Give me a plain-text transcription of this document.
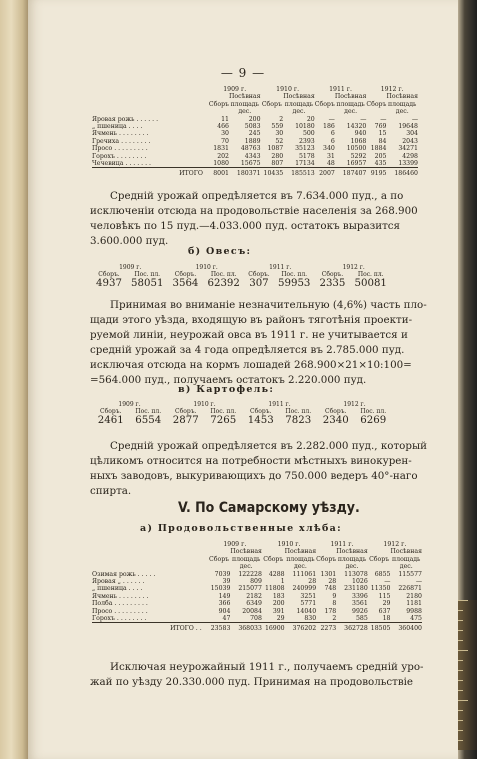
— 9 —
	1909 г.		1910 г.		1911 г.		1912 г.	
	Сборъ	Посѣвная площадь дес.	Сборъ	Посѣвная площадь дес.	Сборъ	Посѣвная площадь дес.	Сборъ	Посѣвная площадь дес.
Яровая рожь . . . . . .	11	200	2	20	—	—	—	—
„ пшеница . . . .	466	5083	559	10180	186	14320	769	19648
Ячмень . . . . . . . .	30	245	30	500	6	940	15	304
Гречиха . . . . . . . .	70	1889	52	2393	6	1068	84	2043
Просо . . . . . . . . .	1831	48763	1087	35123	340	10500	1884	34271
Горохъ . . . . . . . .	202	4343	280	5178	31	5292	205	4298
Чечевица . . . . . . .	1080	15675	807	17134	48	16957	435	13399
ИТОГО	8001	180371	10435	185513	2007	187407	9195	186460
Средній урожай опредѣляется въ 7.634.000 пуд., а по
исключеніи отсюда на продовольствіе населенія за 268.900
человѣкъ по 15 пуд.—4.033.000 пуд. остатокъ выразится
3.600.000 пуд.
б) Овесъ:
1909 г.		1910 г.		1911 г.		1912 г.	
Сборъ.	Пос. пл.	Сборъ.	Пос. пл.	Сборъ.	Пос. пл.	Сборъ.	Пос. пл.
4937	58051	3564	62392	307	59953	2335	50081
Принимая во вниманіе незначительную (4,6%) часть пло-
щади этого уѣзда, входящую въ районъ тяготѣнія проекти-
руемой линіи, неурожай овса въ 1911 г. не учитывается и
средній урожай за 4 года опредѣляется въ 2.785.000 пуд.
исключая отсюда на кормъ лошадей 268.900×21×10:100=
=564.000 пуд., получаемъ остатокъ 2.220.000 пуд.
в) Картофель:
1909 г.		1910 г.		1911 г.		1912 г.	
Сборъ.	Пос. пл.	Сборъ.	Пос. пл.	Сборъ.	Пос. пл.	Сборъ.	Пос. пл.
2461	6554	2877	7265	1453	7823	2340	6269
Средній урожай опредѣляется въ 2.282.000 пуд., который
цѣликомъ относится на потребности мѣстныхъ винокурен-
ныхъ заводовъ, выкуривающихъ до 750.000 ведеръ 40°-наго
спирта.
V. По Самарскому уѣзду.
а) Продовольственные хлѣба:
	1909 г.		1910 г.		1911 г.		1912 г.	
	Сборъ	Посѣвная площадь дес.	Сборъ	Посѣвная площадь дес.	Сборъ	Посѣвная площадь дес.	Сборъ	Посѣвная площадь дес.
Озимая рожь . . . . .	7039	122228	4288	111061	1301	113078	6855	115577
Яровая „ . . . . . .	39	809	1	28	28	1026	—	—
„ пшеница . . . .	15039	215077	11808	240999	748	231180	11350	226871
Ячмень . . . . . . . .	149	2182	183	3251	9	3396	115	2180
Полба . . . . . . . . .	366	6349	200	5771	8	3561	29	1181
Просо . . . . . . . . .	904	20084	391	14040	178	9926	637	9988
Горохъ . . . . . . . .	47	708	29	830	2	585	18	475
ИТОГО . .	23583	368033	16900	376202	2273	362728	18505	360400
Исключая неурожайный 1911 г., получаемъ средній уро-
жай по уѣзду 20.330.000 пуд. Принимая на продовольствіе
